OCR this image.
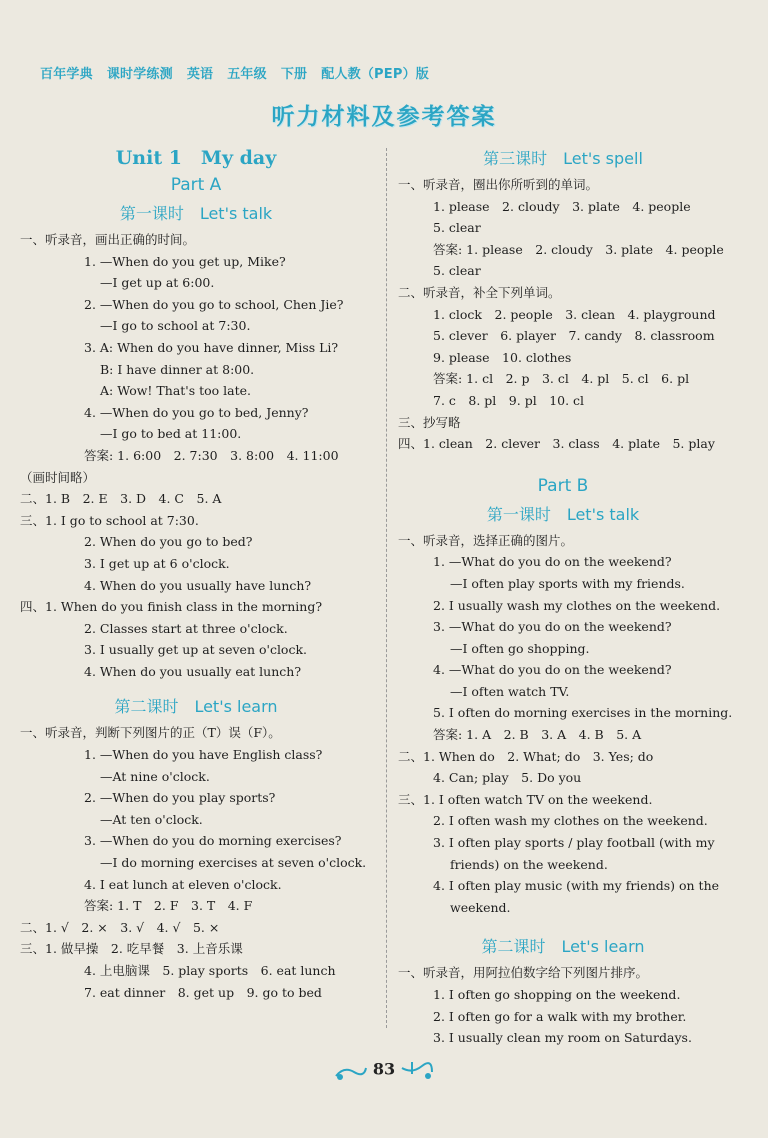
百年学典 课时学练测 英语 五年级 下册 配人教（PEP）版
听力材料及参考答案
Unit 1　My day
Part A
第一课时　Let's talk
一、听录音，画出正确的时间。
1. —When do you get up, Mike?
—I get up at 6:00.
2. —When do you go to school, Chen Jie?
—I go to school at 7:30.
3. A: When do you have dinner, Miss Li?
B: I have dinner at 8:00.
A: Wow! That's too late.
4. —When do you go to bed, Jenny?
—I go to bed at 11:00.
答案: 1. 6:00　2. 7:30　3. 8:00　4. 11:00
（画时间略）
二、1. B　2. E　3. D　4. C　5. A
三、1. I go to school at 7:30.
2. When do you go to bed?
3. I get up at 6 o'clock.
4. When do you usually have lunch?
四、1. When do you finish class in the morning?
2. Classes start at three o'clock.
3. I usually get up at seven o'clock.
4. When do you usually eat lunch?
第二课时　Let's learn
一、听录音，判断下列图片的正（T）误（F）。
1. —When do you have English class?
—At nine o'clock.
2. —When do you play sports?
—At ten o'clock.
3. —When do you do morning exercises?
—I do morning exercises at seven o'clock.
4. I eat lunch at eleven o'clock.
答案: 1. T　2. F　3. T　4. F
二、1. √　2. ×　3. √　4. √　5. ×
三、1. 做早操　2. 吃早餐　3. 上音乐课
4. 上电脑课　5. play sports　6. eat lunch
7. eat dinner　8. get up　9. go to bed
第三课时　Let's spell
一、听录音，圈出你所听到的单词。
1. please　2. cloudy　3. plate　4. people
5. clear
答案: 1. please　2. cloudy　3. plate　4. people
5. clear
二、听录音，补全下列单词。
1. clock　2. people　3. clean　4. playground
5. clever　6. player　7. candy　8. classroom
9. please　10. clothes
答案: 1. cl　2. p　3. cl　4. pl　5. cl　6. pl
7. c　8. pl　9. pl　10. cl
三、抄写略
四、1. clean　2. clever　3. class　4. plate　5. play
Part B
第一课时　Let's talk
一、听录音，选择正确的图片。
1. —What do you do on the weekend?
—I often play sports with my friends.
2. I usually wash my clothes on the weekend.
3. —What do you do on the weekend?
—I often go shopping.
4. —What do you do on the weekend?
—I often watch TV.
5. I often do morning exercises in the morning.
答案: 1. A　2. B　3. A　4. B　5. A
二、1. When do　2. What; do　3. Yes; do
4. Can; play　5. Do you
三、1. I often watch TV on the weekend.
2. I often wash my clothes on the weekend.
3. I often play sports / play football (with my
friends) on the weekend.
4. I often play music (with my friends) on the
weekend.
第二课时　Let's learn
一、听录音，用阿拉伯数字给下列图片排序。
1. I often go shopping on the weekend.
2. I often go for a walk with my brother.
3. I usually clean my room on Saturdays.
83
